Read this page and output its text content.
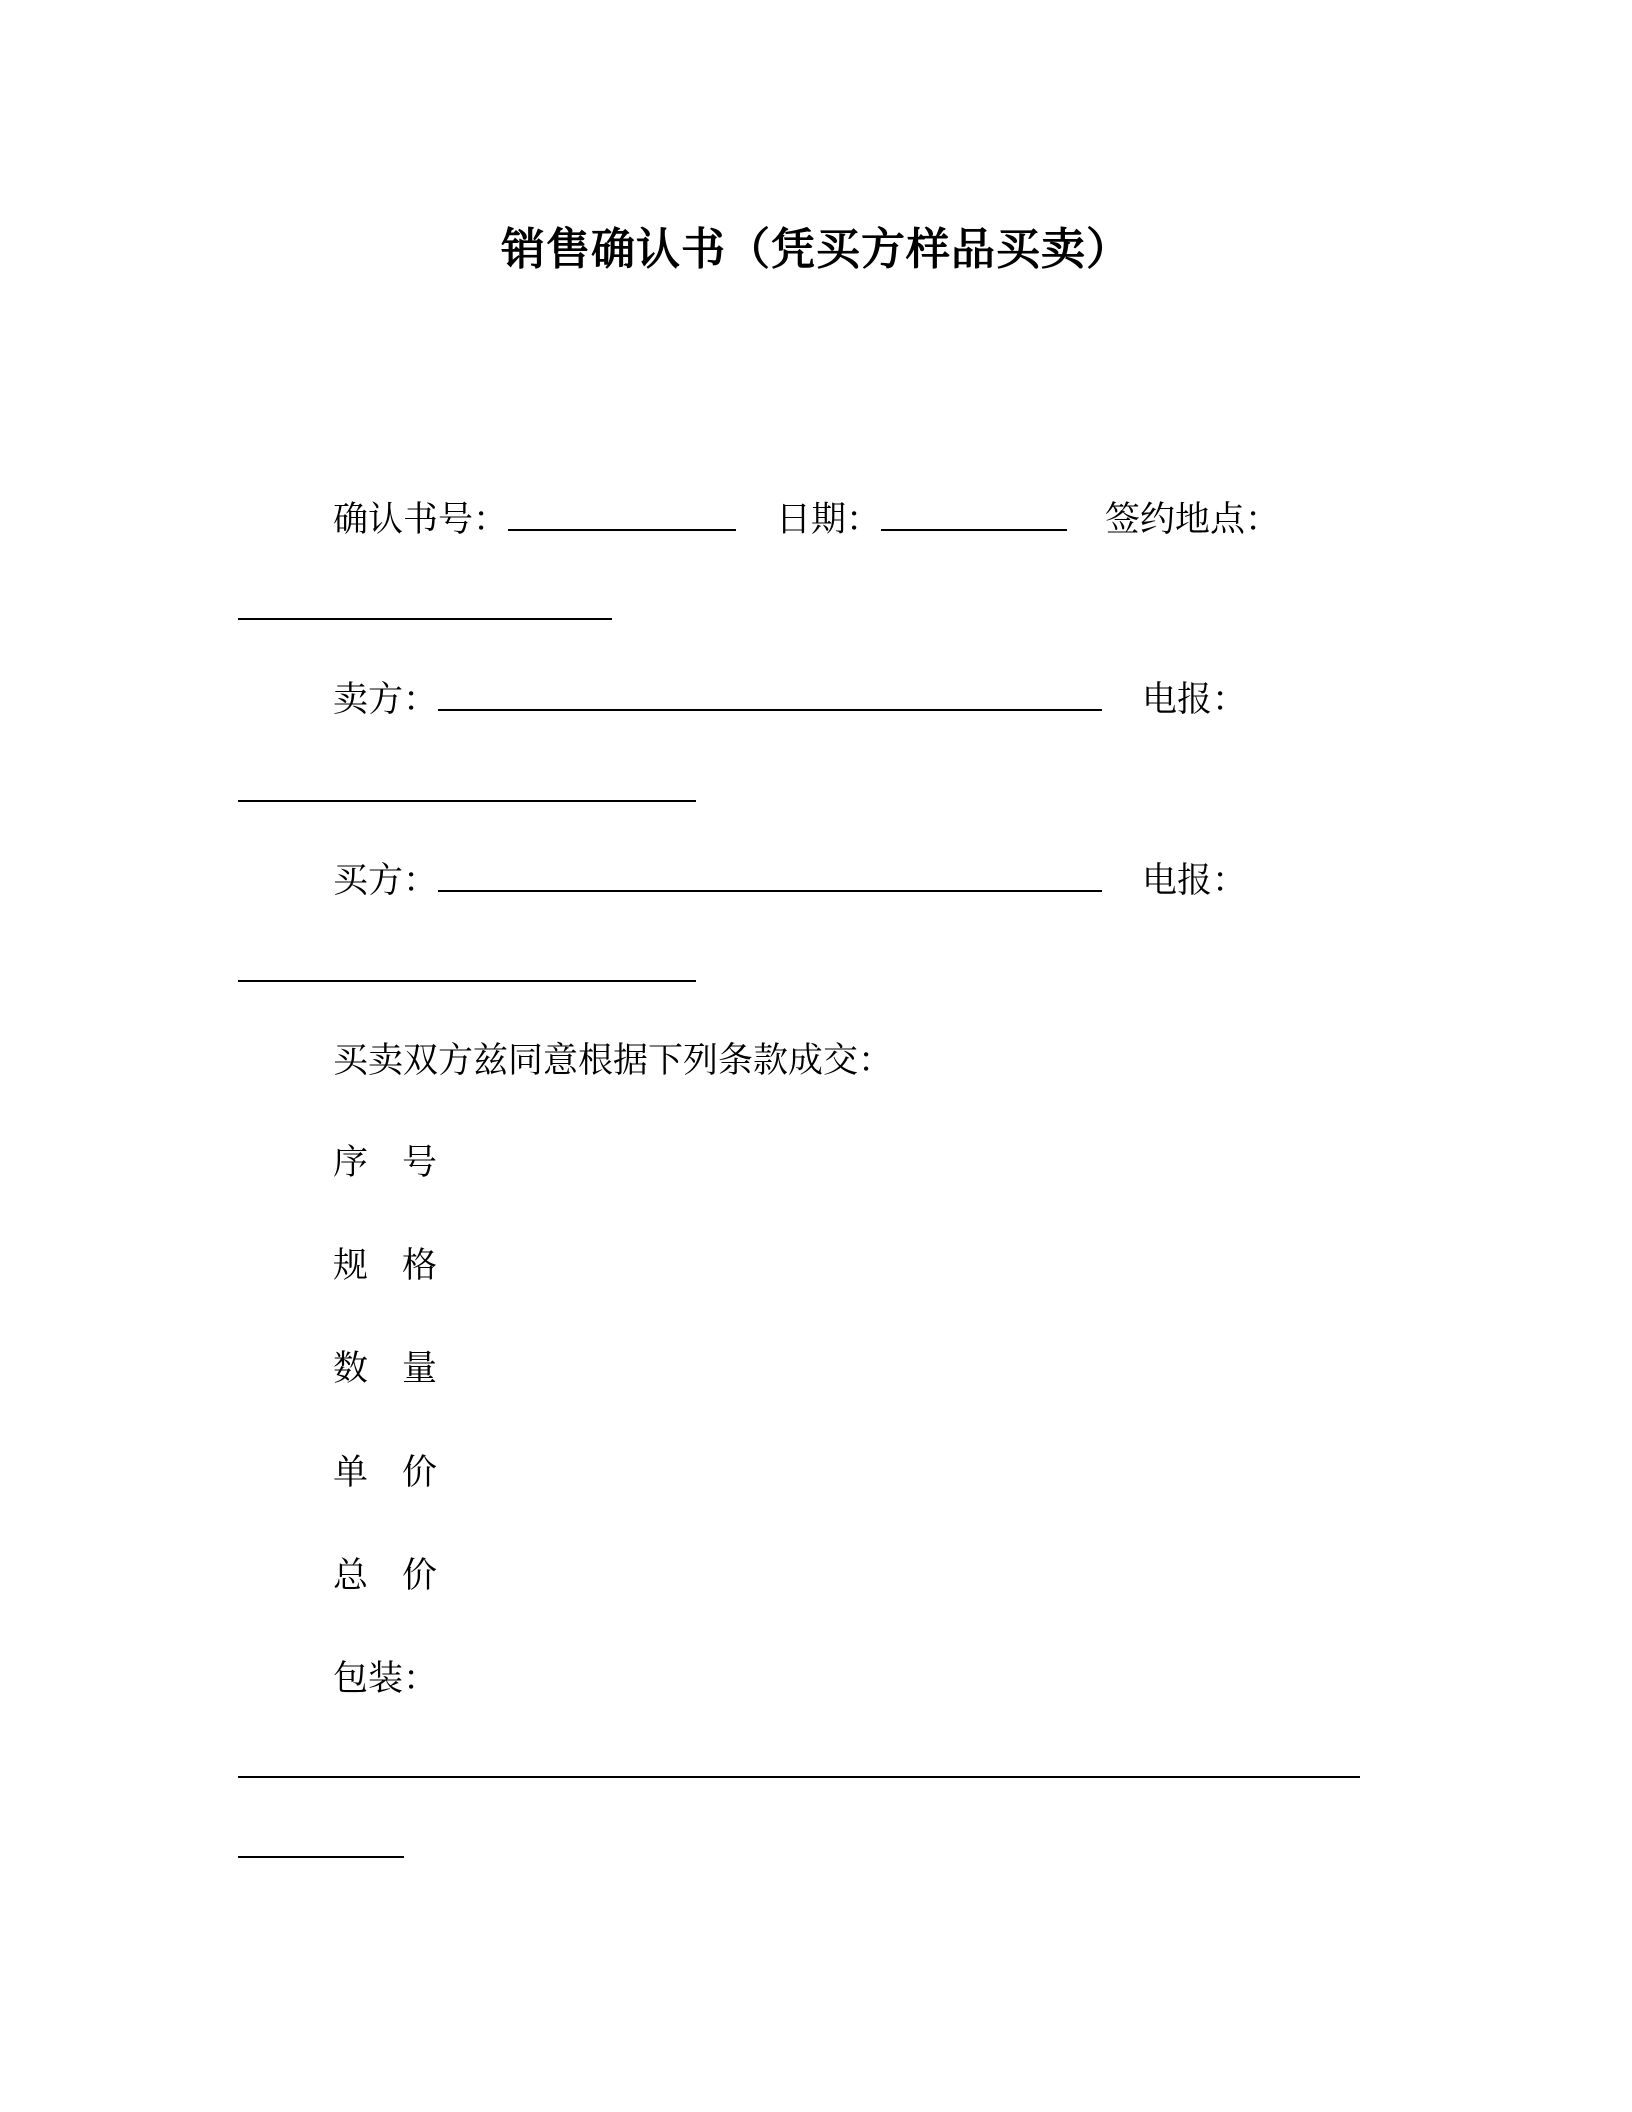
销售确认书（凭买方样品买卖）
确认书号：	日期：	签约地点：
卖方：	电报：
买方：	电报：
买卖双方兹同意根据下列条款成交：
序号
规格
数量
单价
总价
包装：
